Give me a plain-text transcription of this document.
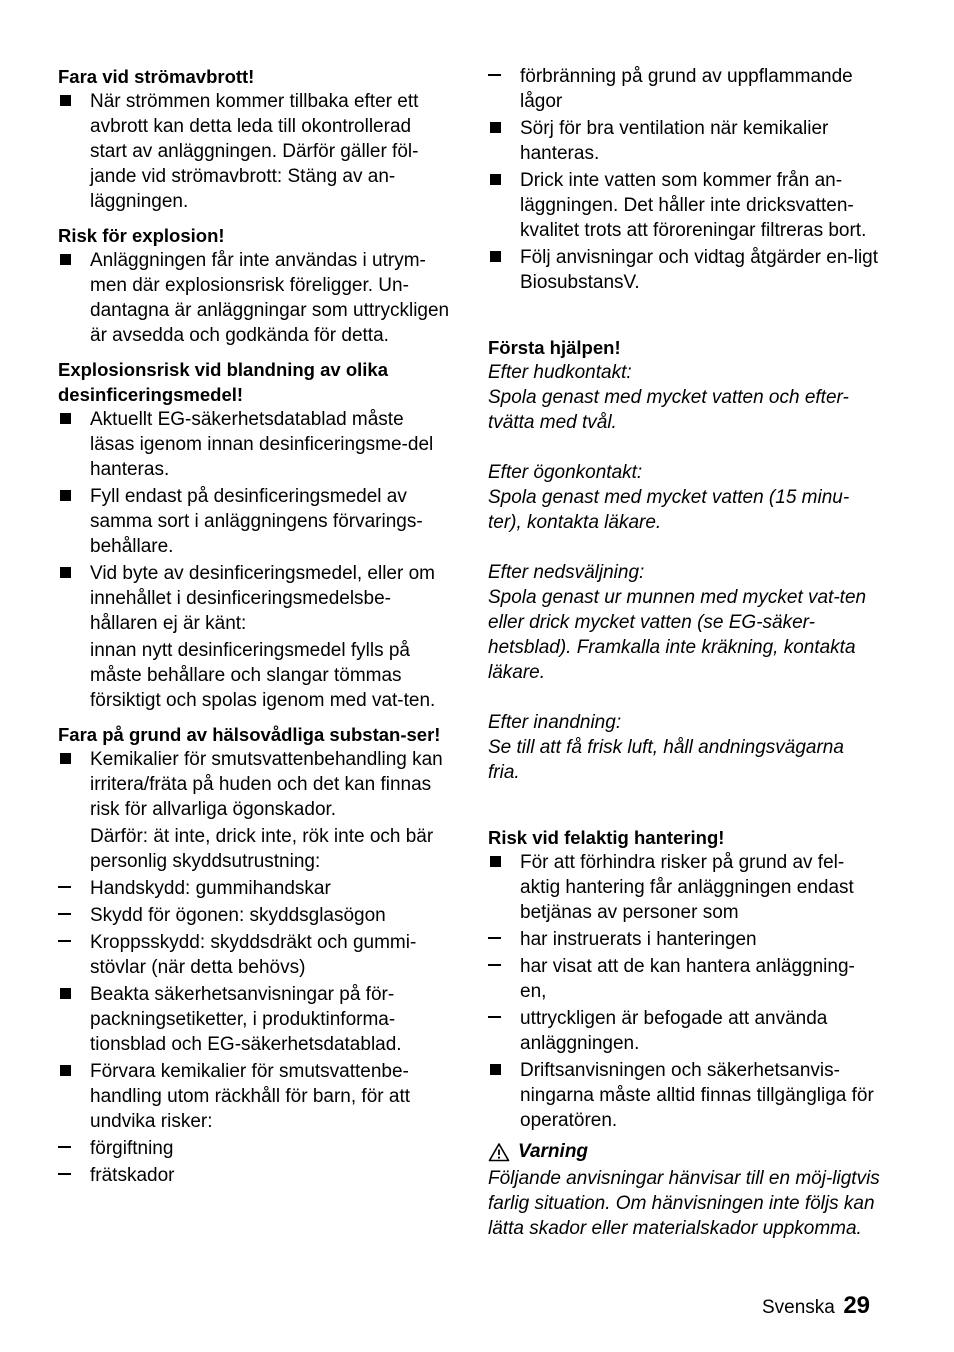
Fara vid strömavbrott!
När strömmen kommer tillbaka efter ett avbrott kan detta leda till okontrollerad start av anläggningen. Därför gäller föl-jande vid strömavbrott: Stäng av an-läggningen.
Risk för explosion!
Anläggningen får inte användas i utrym-men där explosionsrisk föreligger. Un-dantagna är anläggningar som uttryckligen är avsedda och godkända för detta.
Explosionsrisk vid blandning av olika desinficeringsmedel!
Aktuellt EG-säkerhetsdatablad måste läsas igenom innan desinficeringsme-del hanteras.
Fyll endast på desinficeringsmedel av samma sort i anläggningens förvarings-behållare.
Vid byte av desinficeringsmedel, eller om innehållet i desinficeringsmedelsbe-hållaren ej är känt:
innan nytt desinficeringsmedel fylls på måste behållare och slangar tömmas försiktigt och spolas igenom med vat-ten.
Fara på grund av hälsovådliga substan-ser!
Kemikalier för smutsvattenbehandling kan irritera/fräta på huden och det kan finnas risk för allvarliga ögonskador.
Därför: ät inte, drick inte, rök inte och bär personlig skyddsutrustning:
Handskydd: gummihandskar
Skydd för ögonen: skyddsglasögon
Kroppsskydd: skyddsdräkt och gummi-stövlar (när detta behövs)
Beakta säkerhetsanvisningar på för-packningsetiketter, i produktinforma-tionsblad och EG-säkerhetsdatablad.
Förvara kemikalier för smutsvattenbe-handling utom räckhåll för barn, för att undvika risker:
förgiftning
frätskador
förbränning på grund av uppflammande lågor
Sörj för bra ventilation när kemikalier hanteras.
Drick inte vatten som kommer från an-läggningen. Det håller inte dricksvatten-kvalitet trots att föroreningar filtreras bort.
Följ anvisningar och vidtag åtgärder en-ligt BiosubstansV.
Första hjälpen!
Efter hudkontakt:
Spola genast med mycket vatten och efter-tvätta med tvål.
Efter ögonkontakt:
Spola genast med mycket vatten (15 minu-ter), kontakta läkare.
Efter nedsväljning:
Spola genast ur munnen med mycket vat-ten eller drick mycket vatten (se EG-säker-hetsblad). Framkalla inte kräkning, kontakta läkare.
Efter inandning:
Se till att få frisk luft, håll andningsvägarna fria.
Risk vid felaktig hantering!
För att förhindra risker på grund av fel-aktig hantering får anläggningen endast betjänas av personer som
har instruerats i hanteringen
har visat att de kan hantera anläggning-en,
uttryckligen är befogade att använda anläggningen.
Driftsanvisningen och säkerhetsanvis-ningarna måste alltid finnas tillgängliga för operatören.
Varning
Följande anvisningar hänvisar till en möj-ligtvis farlig situation. Om hänvisningen inte följs kan lätta skador eller materialskador uppkomma.
Svenska 29
